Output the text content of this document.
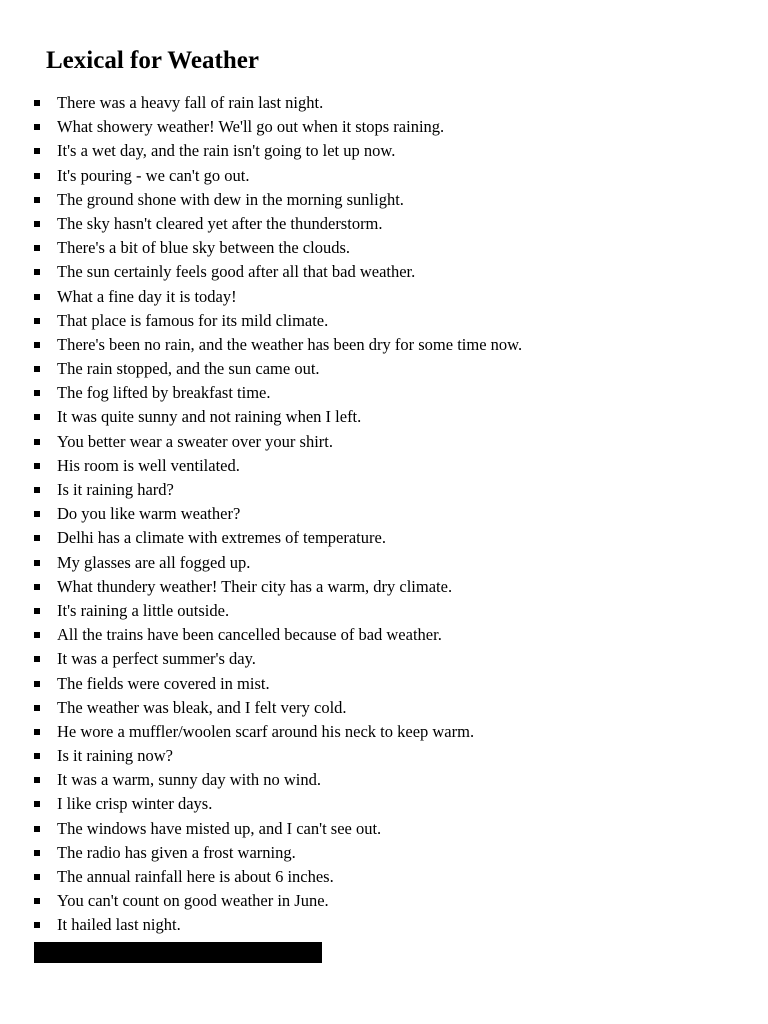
Lexical for Weather
There was a heavy fall of rain last night.
What showery weather! We'll go out when it stops raining.
It's a wet day, and the rain isn't going to let up now.
It's pouring - we can't go out.
The ground shone with dew in the morning sunlight.
The sky hasn't cleared yet after the thunderstorm.
There's a bit of blue sky between the clouds.
The sun certainly feels good after all that bad weather.
What a fine day it is today!
That place is famous for its mild climate.
There's been no rain, and the weather has been dry for some time now.
The rain stopped, and the sun came out.
The fog lifted by breakfast time.
It was quite sunny and not raining when I left.
You better wear a sweater over your shirt.
His room is well ventilated.
Is it raining hard?
Do you like warm weather?
Delhi has a climate with extremes of temperature.
My glasses are all fogged up.
What thundery weather! Their city has a warm, dry climate.
It's raining a little outside.
All the trains have been cancelled because of bad weather.
It was a perfect summer's day.
The fields were covered in mist.
The weather was bleak, and I felt very cold.
He wore a muffler/woolen scarf around his neck to keep warm.
Is it raining now?
It was a warm, sunny day with no wind.
I like crisp winter days.
The windows have misted up, and I can't see out.
The radio has given a frost warning.
The annual rainfall here is about 6 inches.
You can't count on good weather in June.
It hailed last night.
